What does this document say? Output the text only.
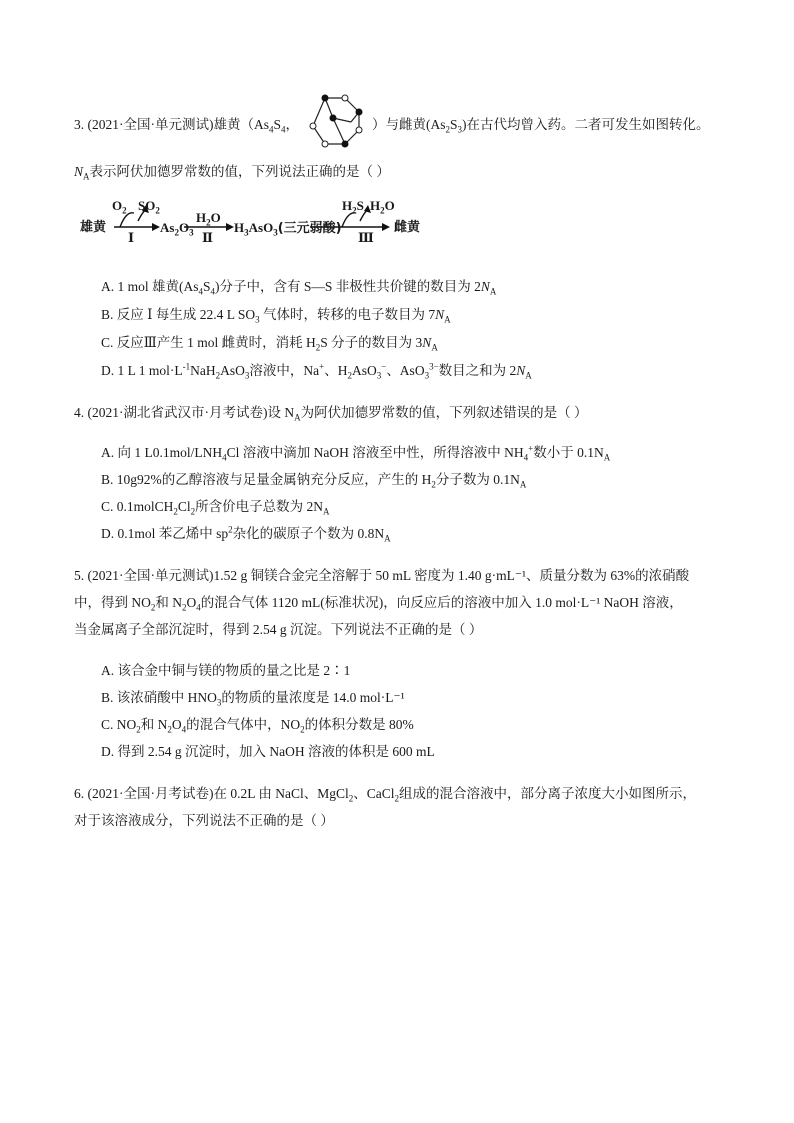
3. (2021·全国·单元测试)雄黄（$As_4S_4$，	）与雌黄$(As_2S_3)$在古代均曾入药。二者可发生如图转化。
$N_A$表示阿伏加德罗常数的值，下列说法正确的是（ ）
雄黄
$O_2$ $SO_2$
Ⅰ
$As_2O_3$
$H_2O$
Ⅱ
$H_3AsO_3$(三元弱酸)
$H_2S$ $H_2O$
Ⅲ
雌黄
A. 1 mol 雄黄$(As_4S_4)$分子中，含有 S—S 非极性共价键的数目为 $2N_A$
B. 反应 Ⅰ 每生成 22.4 L $SO_3$ 气体时，转移的电子数目为 $7N_A$
C. 反应Ⅲ产生 1 mol 雌黄时，消耗 $H_2S$ 分子的数目为 $3N_A$
D. 1 L 1 $mol\cdot L^{-1}NaH_2AsO_3$溶液中，Na+、$H_2AsO_3^-$、AsO$_3^{3-}$数目之和为 $2N_A$
4. (2021·湖北省武汉市·月考试卷)设 $N_A$为阿伏加德罗常数的值，下列叙述错误的是（ ）
A. 向 1 $L0.1mol/LNH_4Cl$ 溶液中滴加 NaOH 溶液至中性，所得溶液中 $NH_4^+$数小于 $0.1N_A$
B. 10g92%的乙醇溶液与足量金属钠充分反应，产生的 $H_2$分子数为 $0.1N_A$
C. $0.1molCH_2Cl_2$所含价电子总数为 $2N_A$
D. 0.1mol 苯乙烯中 $sp^2$杂化的碳原子个数为 $0.8N_A$
5. (2021·全国·单元测试)1.52 g 铜镁合金完全溶解于 50 mL 密度为 1.40 g·mL⁻¹、质量分数为 63%的浓硝酸
中，得到 $NO_2$和 $N_2O_4$的混合气体 1120 mL(标准状况)，向反应后的溶液中加入 1.0 mol·L⁻¹ NaOH 溶液，
当金属离子全部沉淀时，得到 2.54 g 沉淀。下列说法不正确的是（ ）
A. 该合金中铜与镁的物质的量之比是 2∶1
B. 该浓硝酸中 $HNO_3$的物质的量浓度是 14.0 mol·L⁻¹
C. $NO_2$和 $N_2O_4$的混合气体中，$NO_2$的体积分数是 80%
D. 得到 2.54 g 沉淀时，加入 NaOH 溶液的体积是 600 mL
6. (2021·全国·月考试卷)在 0.2L 由 NaCl、MgCl$_2$、CaCl$_2$组成的混合溶液中，部分离子浓度大小如图所示，
对于该溶液成分，下列说法不正确的是（ ）
